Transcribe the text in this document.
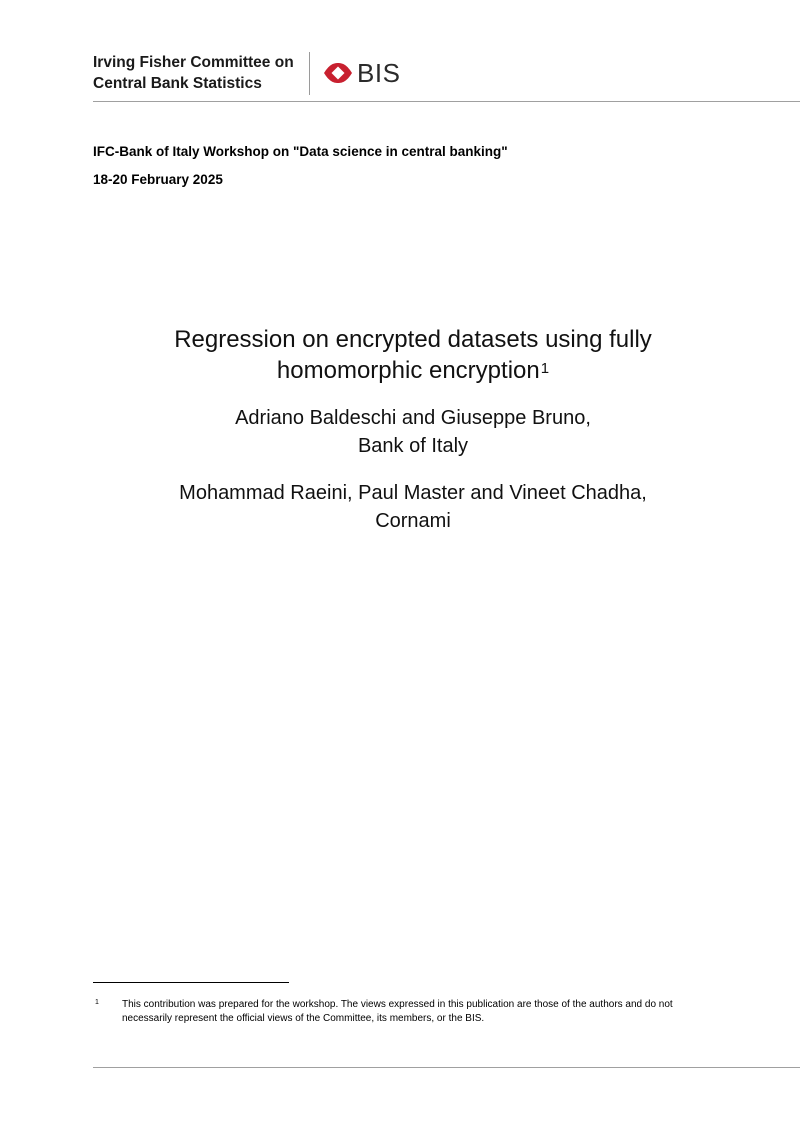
Irving Fisher Committee on
Central Bank Statistics	BIS
IFC-Bank of Italy Workshop on "Data science in central banking"
18-20 February 2025
Regression on encrypted datasets using fully
homomorphic encryption$^1$
Adriano Baldeschi and Giuseppe Bruno,
Bank of Italy
Mohammad Raeini, Paul Master and Vineet Chadha,
Cornami
1 This contribution was prepared for the workshop. The views expressed in this publication are those of the authors and do not necessarily represent the official views of the Committee, its members, or the BIS.
